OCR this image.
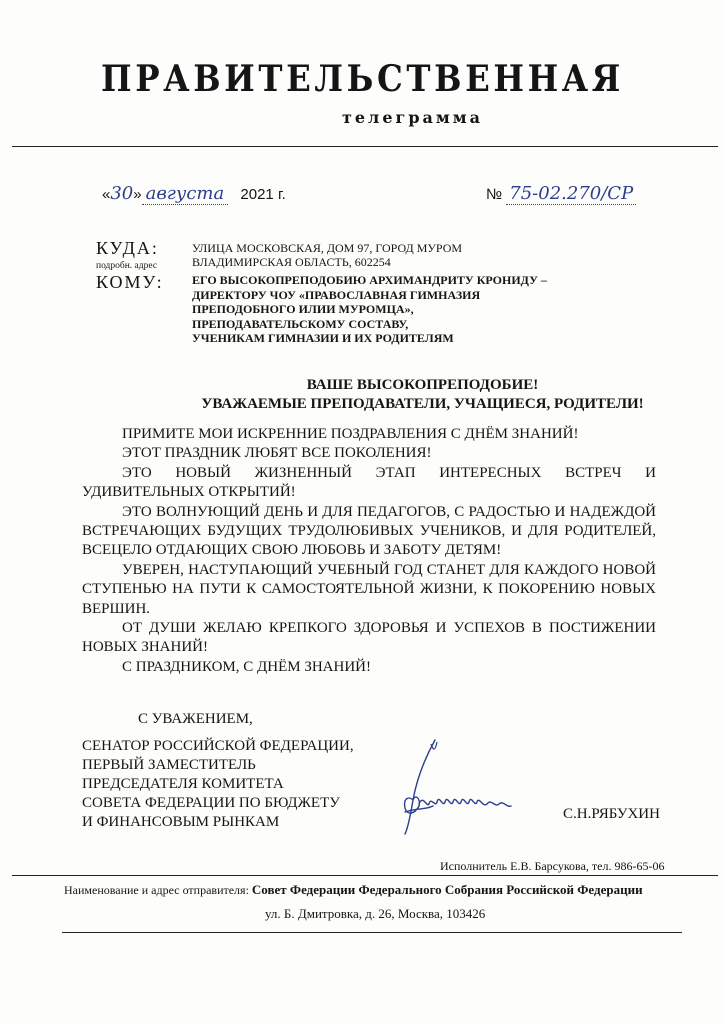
ПРАВИТЕЛЬСТВЕННАЯ
телеграмма
«30» августа 2021 г.	№ 75-02.270/СР
КУДА:
подробн. адрес
КОМУ:
УЛИЦА МОСКОВСКАЯ, ДОМ 97, ГОРОД МУРОМ
ВЛАДИМИРСКАЯ ОБЛАСТЬ, 602254
ЕГО ВЫСОКОПРЕПОДОБИЮ АРХИМАНДРИТУ КРОНИДУ –
ДИРЕКТОРУ ЧОУ «ПРАВОСЛАВНАЯ ГИМНАЗИЯ
ПРЕПОДОБНОГО ИЛИИ МУРОМЦА»,
ПРЕПОДАВАТЕЛЬСКОМУ СОСТАВУ,
УЧЕНИКАМ ГИМНАЗИИ И ИХ РОДИТЕЛЯМ
ВАШЕ ВЫСОКОПРЕПОДОБИЕ!
УВАЖАЕМЫЕ ПРЕПОДАВАТЕЛИ, УЧАЩИЕСЯ, РОДИТЕЛИ!

ПРИМИТЕ МОИ ИСКРЕННИЕ ПОЗДРАВЛЕНИЯ С ДНЁМ ЗНАНИЙ!

ЭТОТ ПРАЗДНИК ЛЮБЯТ ВСЕ ПОКОЛЕНИЯ!

ЭТО НОВЫЙ ЖИЗНЕННЫЙ ЭТАП ИНТЕРЕСНЫХ ВСТРЕЧ И УДИВИТЕЛЬНЫХ ОТКРЫТИЙ!

ЭТО ВОЛНУЮЩИЙ ДЕНЬ И ДЛЯ ПЕДАГОГОВ, С РАДОСТЬЮ И НАДЕЖДОЙ ВСТРЕЧАЮЩИХ БУДУЩИХ ТРУДОЛЮБИВЫХ УЧЕНИКОВ, И ДЛЯ РОДИТЕЛЕЙ, ВСЕЦЕЛО ОТДАЮЩИХ СВОЮ ЛЮБОВЬ И ЗАБОТУ ДЕТЯМ!

УВЕРЕН, НАСТУПАЮЩИЙ УЧЕБНЫЙ ГОД СТАНЕТ ДЛЯ КАЖДОГО НОВОЙ СТУПЕНЬЮ НА ПУТИ К САМОСТОЯТЕЛЬНОЙ ЖИЗНИ, К ПОКОРЕНИЮ НОВЫХ ВЕРШИН.

ОТ ДУШИ ЖЕЛАЮ КРЕПКОГО ЗДОРОВЬЯ И УСПЕХОВ В ПОСТИЖЕНИИ НОВЫХ ЗНАНИЙ!

С ПРАЗДНИКОМ, С ДНЁМ ЗНАНИЙ!

С УВАЖЕНИЕМ,
СЕНАТОР РОССИЙСКОЙ ФЕДЕРАЦИИ,
ПЕРВЫЙ ЗАМЕСТИТЕЛЬ
ПРЕДСЕДАТЕЛЯ КОМИТЕТА
СОВЕТА ФЕДЕРАЦИИ ПО БЮДЖЕТУ
И ФИНАНСОВЫМ РЫНКАМ	С.Н.РЯБУХИН
Исполнитель Е.В. Барсукова, тел. 986-65-06
Наименование и адрес отправителя: Совет Федерации Федерального Собрания Российской Федерации
ул. Б. Дмитровка, д. 26, Москва, 103426
